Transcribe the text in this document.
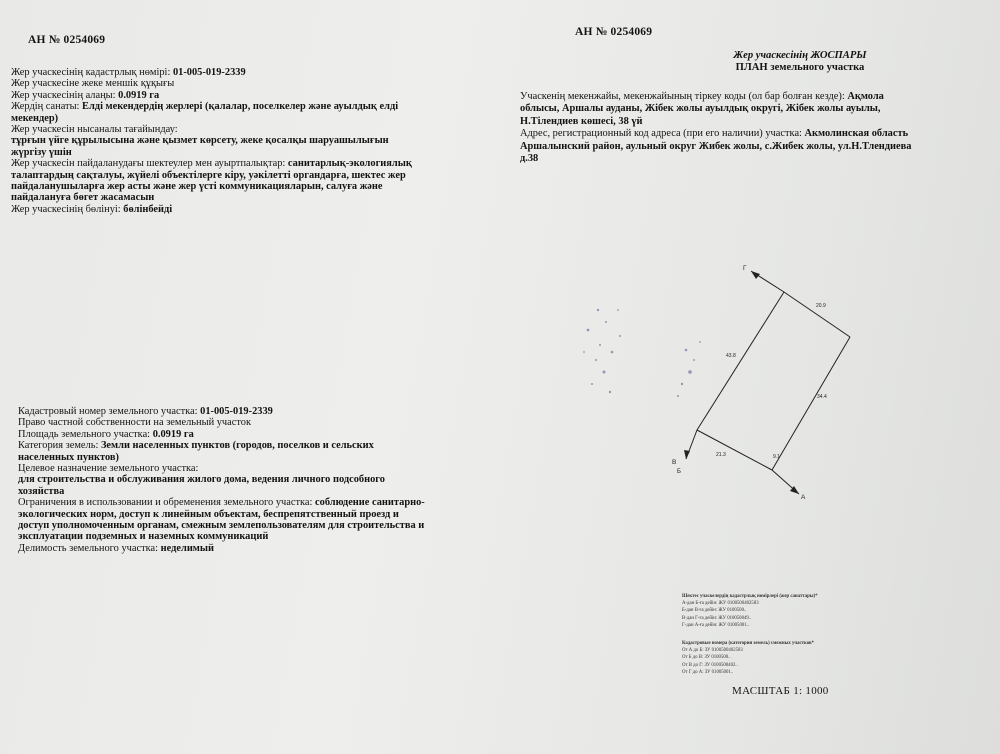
АН № 0254069
Жер учаскесінің кадастрлық нөмірі: 01-005-019-2339
Жер учаскесіне жеке меншік құқығы
Жер учаскесінің алаңы: 0.0919 га
Жердің санаты: Елді мекендердің жерлері (қалалар, поселкелер және ауылдық елді
мекендер)
Жер учаскесін нысаналы тағайындау:
тұрғын үйге құрылысына және қызмет көрсету, жеке қосалқы шаруашылығын
жүргізу үшін
Жер учаскесін пайдаланудағы шектеулер мен ауыртпалықтар: санитарлық-экологиялық
талаптардың сақталуы, жүйелі объектілерге кіру, уәкілетті органдарға, шектес жер
пайдаланушыларға жер асты және жер үсті коммуникацияларын, салуға және
пайдалануға бөгет жасамасын
Жер учаскесінің бөлінуі: бөлінбейді
Кадастровый номер земельного участка: 01-005-019-2339
Право частной собственности на земельный участок
Площадь земельного участка: 0.0919 га
Категория земель: Земли населенных пунктов (городов, поселков и сельских
населенных пунктов)
Целевое назначение земельного участка:
для строительства и обслуживания жилого дома, ведения личного подсобного
хозяйства
Ограничения в использовании и обременения земельного участка: соблюдение санитарно-
экологических норм, доступ к линейным объектам, беспрепятственный проезд и
доступ уполномоченным органам, смежным землепользователям для строительства и
эксплуатации подземных и наземных коммуникаций
Делимость земельного участка: неделимый
АН № 0254069
Жер учаскесінің ЖОСПАРЫ
ПЛАН земельного участка
Учаскенің мекенжайы, мекенжайының тіркеу коды (ол бар болған кезде): Ақмола
облысы, Аршалы ауданы, Жібек жолы ауылдық округі, Жібек жолы ауылы,
Н.Тілендиев көшесі, 38 үй
Адрес, регистрационный код адреса (при его наличии) участка: Акмолинская область
Аршалынский район, аульный округ Жибек жолы, с.Жибек жолы, ул.Н.Тлендиева
д.38
Г
В
Б
А
20.9
43.8
34.4
21.3	9.1
Шектес учаскелердің кадастрлық нөмірлері (жер санаттары)*
А-дан Б-ға дейін: ЖУ 0100500402583
Б-дан В-ға дейін: ЖУ 0100500..
В-дан Г-ға дейін: ЖУ 010050049..
Г-дан А-ға дейін: ЖУ 01005001..
Кадастровые номера (категории земель) смежных участков*
От А до Б: ЗУ 0100500402583
От Б до В: ЗУ 0100500..
От В до Г: ЗУ 0100500402..
От Г до А: ЗУ 01005001..
МАСШТАБ 1: 1000
